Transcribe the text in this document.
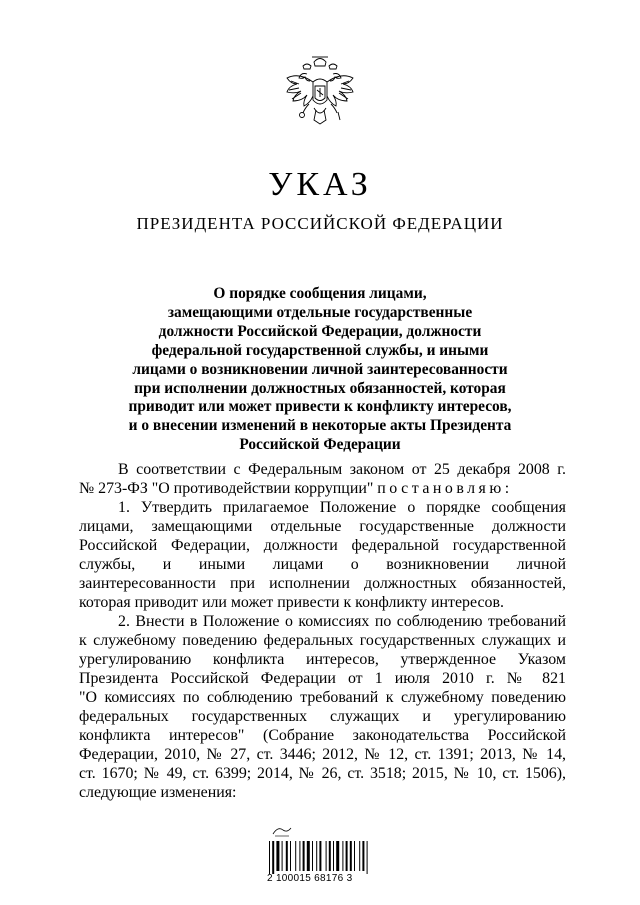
УКАЗ
ПРЕЗИДЕНТА РОССИЙСКОЙ ФЕДЕРАЦИИ
О порядке сообщения лицами,
замещающими отдельные государственные
должности Российской Федерации, должности
федеральной государственной службы, и иными
лицами о возникновении личной заинтересованности
при исполнении должностных обязанностей, которая
приводит или может привести к конфликту интересов,
и о внесении изменений в некоторые акты Президента
Российской Федерации
В соответствии с Федеральным законом от 25 декабря 2008 г.
№ 273-ФЗ "О противодействии коррупции" постановляю:
1. Утвердить прилагаемое Положение о порядке сообщения
лицами, замещающими отдельные государственные должности
Российской Федерации, должности федеральной государственной
службы, и иными лицами о возникновении личной
заинтересованности при исполнении должностных обязанностей,
которая приводит или может привести к конфликту интересов.
2. Внести в Положение о комиссиях по соблюдению требований
к служебному поведению федеральных государственных служащих и
урегулированию конфликта интересов, утвержденное Указом
Президента Российской Федерации от 1 июля 2010 г. № 821
"О комиссиях по соблюдению требований к служебному поведению
федеральных государственных служащих и урегулированию
конфликта интересов" (Собрание законодательства Российской
Федерации, 2010, № 27, ст. 3446; 2012, № 12, ст. 1391; 2013, № 14,
ст. 1670; № 49, ст. 6399; 2014, № 26, ст. 3518; 2015, № 10, ст. 1506),
следующие изменения:
2 100015 68176 3
